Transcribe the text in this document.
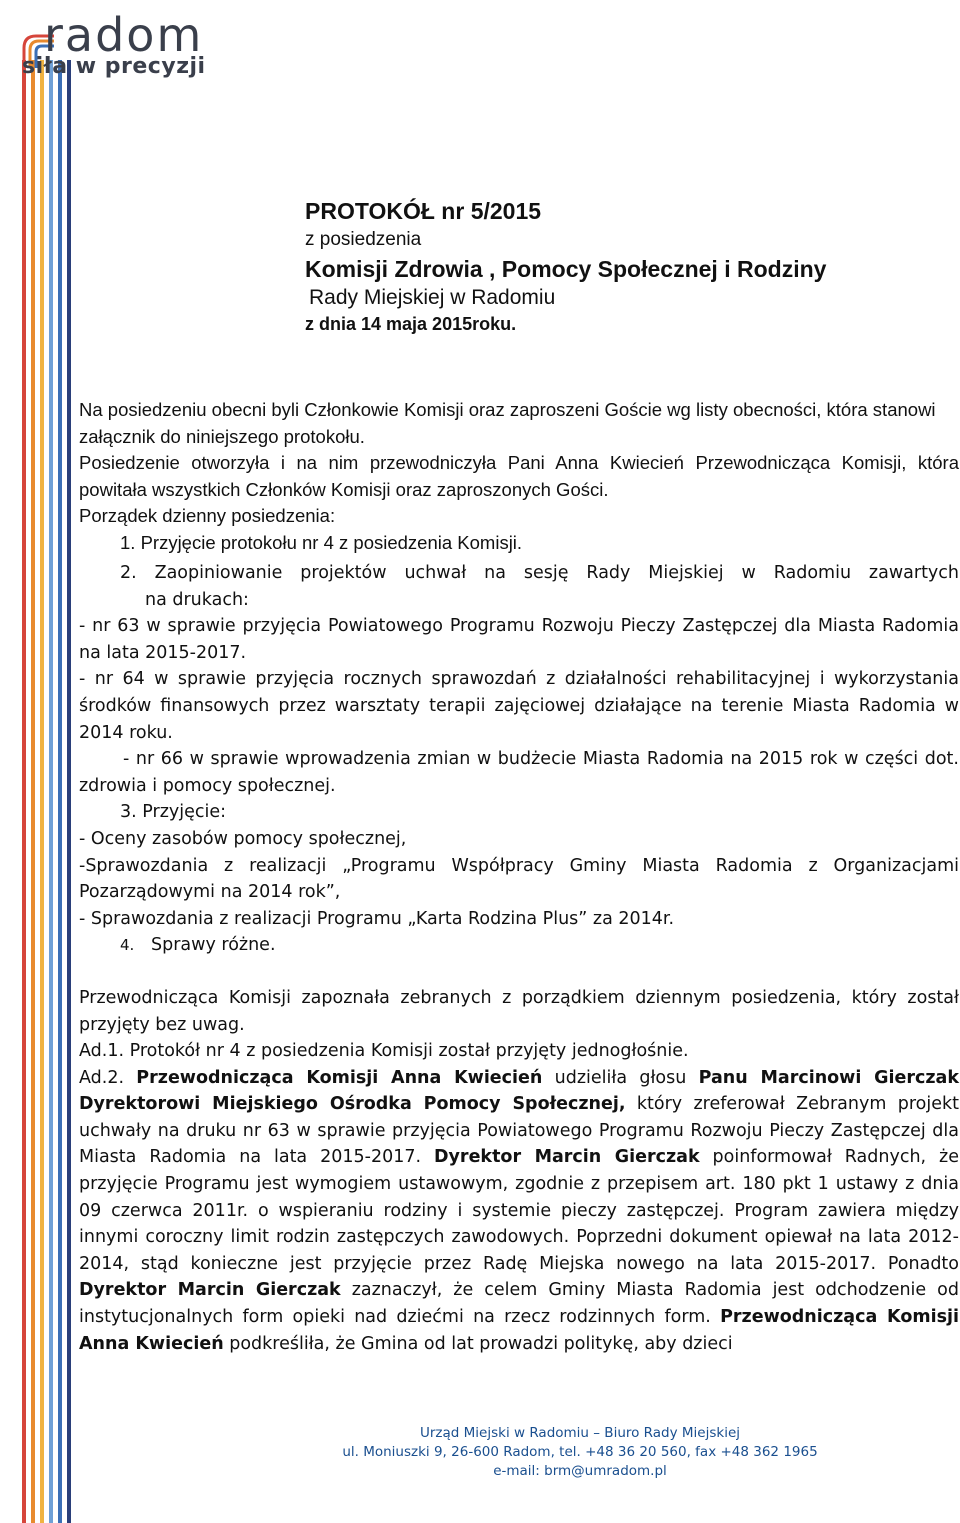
radom
siła w precyzji
PROTOKÓŁ nr 5/2015
z posiedzenia
Komisji Zdrowia , Pomocy Społecznej i Rodziny
Rady Miejskiej w Radomiu
z dnia 14 maja 2015roku.

Na posiedzeniu obecni byli Członkowie Komisji oraz zaproszeni Goście wg listy obecności, która stanowi załącznik do niniejszego protokołu.

Posiedzenie otworzyła i na nim przewodniczyła Pani Anna Kwiecień Przewodnicząca Komisji, która powitała wszystkich Członków Komisji oraz zaproszonych Gości.

Porządek dzienny posiedzenia:

1. Przyjęcie protokołu nr 4 z posiedzenia Komisji.

2. Zaopiniowanie projektów uchwał na sesję Rady Miejskiej w Radomiu zawartych

na drukach:

- nr 63 w sprawie przyjęcia Powiatowego Programu Rozwoju Pieczy Zastępczej dla Miasta Radomia na lata 2015-2017.

- nr 64 w sprawie przyjęcia rocznych sprawozdań z działalności rehabilitacyjnej i wykorzystania środków finansowych przez warsztaty terapii zajęciowej działające na terenie Miasta Radomia w 2014 roku.

- nr 66 w sprawie wprowadzenia zmian w budżecie Miasta Radomia na 2015 rok w części dot. zdrowia i pomocy społecznej.

3. Przyjęcie:

- Oceny zasobów pomocy społecznej,

-Sprawozdania z realizacji „Programu Współpracy Gminy Miasta Radomia z Organizacjami Pozarządowymi na 2014 rok”,

- Sprawozdania z realizacji Programu „Karta Rodzina Plus” za 2014r.

4. Sprawy różne.

Przewodnicząca Komisji zapoznała zebranych z porządkiem dziennym posiedzenia, który został przyjęty bez uwag.

Ad.1. Protokół nr 4 z posiedzenia Komisji został przyjęty jednogłośnie.

Ad.2. Przewodnicząca Komisji Anna Kwiecień udzieliła głosu Panu Marcinowi Gierczak Dyrektorowi Miejskiego Ośrodka Pomocy Społecznej, który zreferował Zebranym projekt uchwały na druku nr 63 w sprawie przyjęcia Powiatowego Programu Rozwoju Pieczy Zastępczej dla Miasta Radomia na lata 2015-2017. Dyrektor Marcin Gierczak poinformował Radnych, że przyjęcie Programu jest wymogiem ustawowym, zgodnie z przepisem art. 180 pkt 1 ustawy z dnia 09 czerwca 2011r. o wspieraniu rodziny i systemie pieczy zastępczej. Program zawiera między innymi coroczny limit rodzin zastępczych zawodowych. Poprzedni dokument opiewał na lata 2012-2014, stąd konieczne jest przyjęcie przez Radę Miejska nowego na lata 2015-2017. Ponadto Dyrektor Marcin Gierczak zaznaczył, że celem Gminy Miasta Radomia jest odchodzenie od instytucjonalnych form opieki nad dziećmi na rzecz rodzinnych form. Przewodnicząca Komisji Anna Kwiecień podkreśliła, że Gmina od lat prowadzi politykę, aby dzieci

Urząd Miejski w Radomiu – Biuro Rady Miejskiej
ul. Moniuszki 9, 26-600 Radom, tel. +48 36 20 560, fax +48 362 1965
e-mail: brm@umradom.pl
